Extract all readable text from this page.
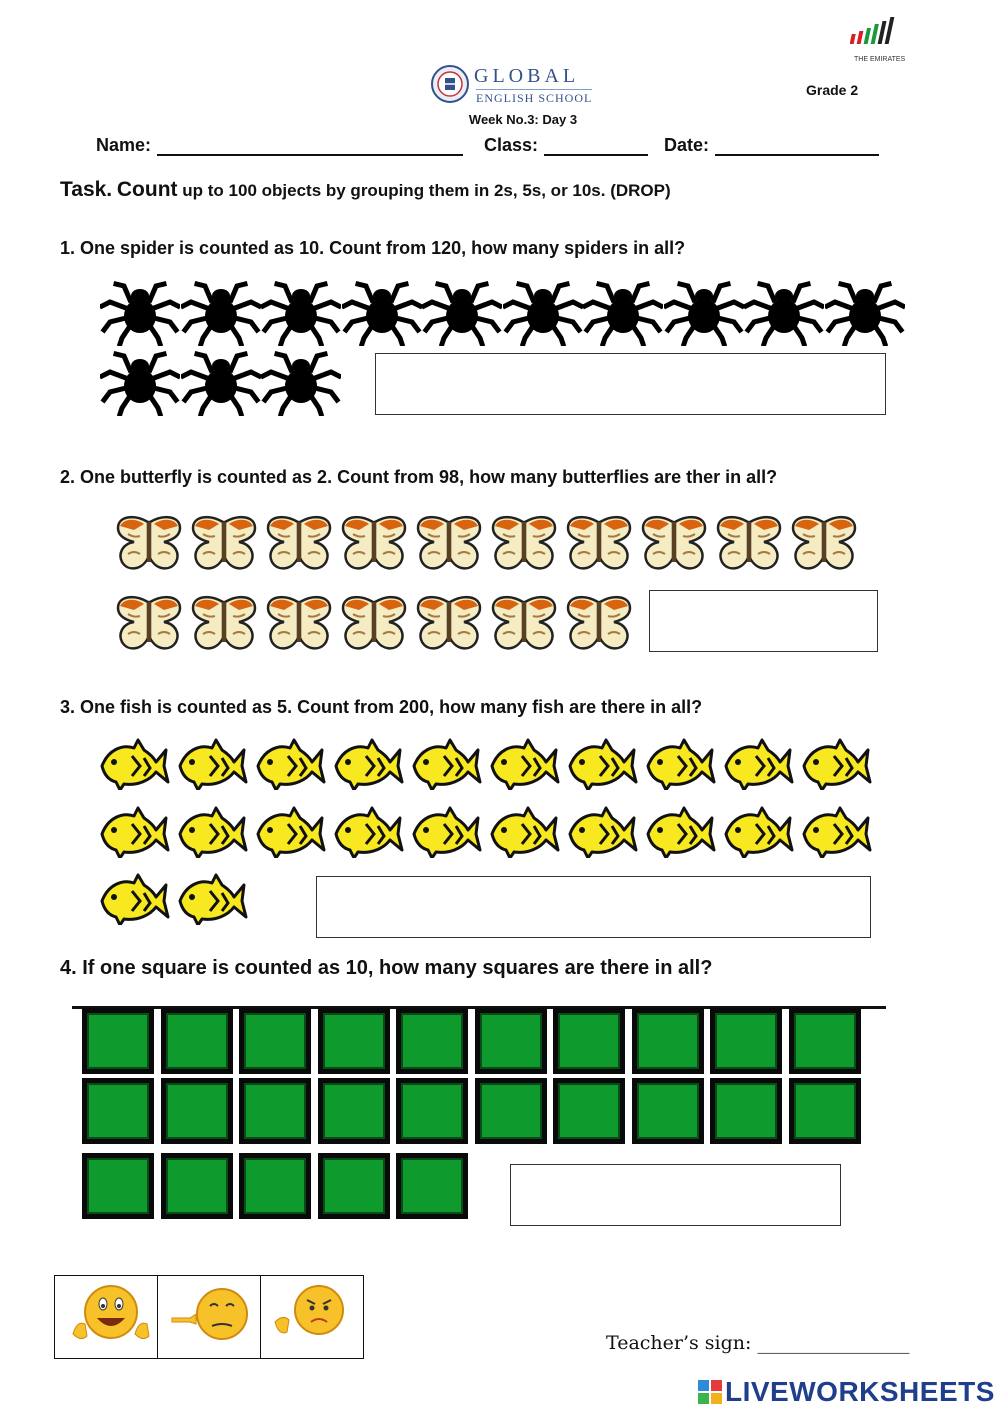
GLOBAL
ENGLISH SCHOOL
THE EMIRATES
Grade 2
Week No.3: Day 3
Name:	Class:	Date:
Task. Count up to 100 objects by grouping them in 2s, 5s, or 10s. (DROP)
1. One spider is counted as 10. Count from 120, how many spiders in all?
2. One butterfly is counted as 2. Count from 98, how many butterflies are ther in all?
3. One fish is counted as 5. Count from 200, how many fish are there in all?
4. If one square is counted as 10, how many squares are there in all?
Teacher’s sign: ________________
LIVEWORKSHEETS
